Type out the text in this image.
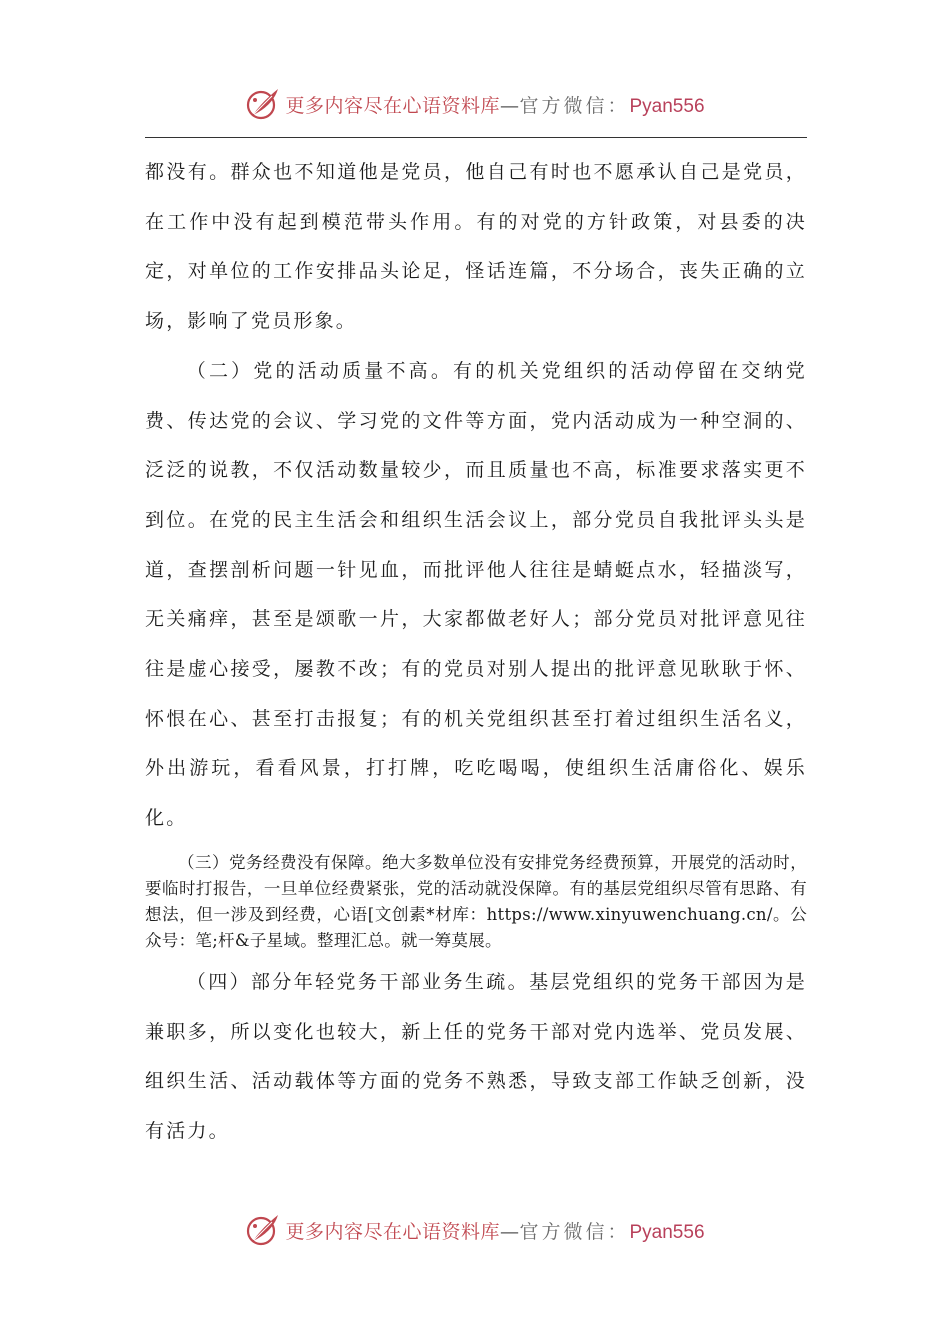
更多内容尽在心语资料库—官方微信：Pyan556

都没有。群众也不知道他是党员，他自己有时也不愿承认自己是党员，在工作中没有起到模范带头作用。有的对党的方针政策，对县委的决定，对单位的工作安排品头论足，怪话连篇，不分场合，丧失正确的立场，影响了党员形象。

（二）党的活动质量不高。有的机关党组织的活动停留在交纳党费、传达党的会议、学习党的文件等方面，党内活动成为一种空洞的、泛泛的说教，不仅活动数量较少，而且质量也不高，标准要求落实更不到位。在党的民主生活会和组织生活会议上，部分党员自我批评头头是道，查摆剖析问题一针见血，而批评他人往往是蜻蜓点水，轻描淡写，无关痛痒，甚至是颂歌一片，大家都做老好人；部分党员对批评意见往往是虚心接受，屡教不改；有的党员对别人提出的批评意见耿耿于怀、怀恨在心、甚至打击报复；有的机关党组织甚至打着过组织生活名义，外出游玩，看看风景，打打牌，吃吃喝喝，使组织生活庸俗化、娱乐化。

（三）党务经费没有保障。绝大多数单位没有安排党务经费预算，开展党的活动时，要临时打报告，一旦单位经费紧张，党的活动就没保障。有的基层党组织尽管有思路、有想法，但一涉及到经费，心语[文创素*材库：https://www.xinyuwenchuang.cn/。公众号：笔;杆&子星域。整理汇总。就一筹莫展。

（四）部分年轻党务干部业务生疏。基层党组织的党务干部因为是兼职多，所以变化也较大，新上任的党务干部对党内选举、党员发展、组织生活、活动载体等方面的党务不熟悉，导致支部工作缺乏创新，没有活力。

更多内容尽在心语资料库—官方微信：Pyan556
